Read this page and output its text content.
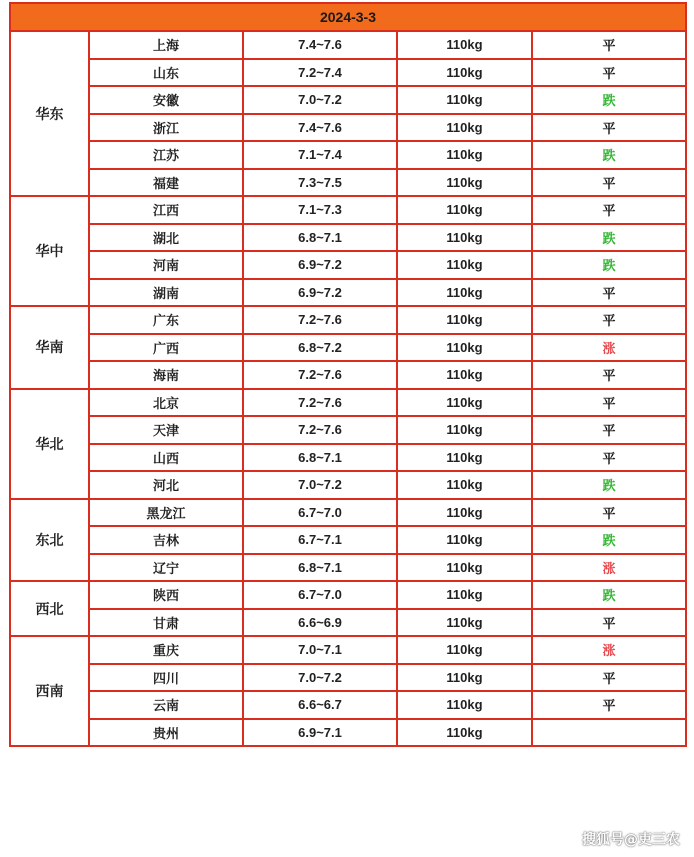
2024-3-3				
华东	上海	7.4~7.6	110kg	平
	山东	7.2~7.4	110kg	平
	安徽	7.0~7.2	110kg	跌
	浙江	7.4~7.6	110kg	平
	江苏	7.1~7.4	110kg	跌
	福建	7.3~7.5	110kg	平
华中	江西	7.1~7.3	110kg	平
	湖北	6.8~7.1	110kg	跌
	河南	6.9~7.2	110kg	跌
	湖南	6.9~7.2	110kg	平
华南	广东	7.2~7.6	110kg	平
	广西	6.8~7.2	110kg	涨
	海南	7.2~7.6	110kg	平
华北	北京	7.2~7.6	110kg	平
	天津	7.2~7.6	110kg	平
	山西	6.8~7.1	110kg	平
	河北	7.0~7.2	110kg	跌
东北	黑龙江	6.7~7.0	110kg	平
	吉林	6.7~7.1	110kg	跌
	辽宁	6.8~7.1	110kg	涨
西北	陕西	6.7~7.0	110kg	跌
	甘肃	6.6~6.9	110kg	平
西南	重庆	7.0~7.1	110kg	涨
	四川	7.0~7.2	110kg	平
	云南	6.6~6.7	110kg	平
	贵州	6.9~7.1	110kg	
搜狐号@吏三农
